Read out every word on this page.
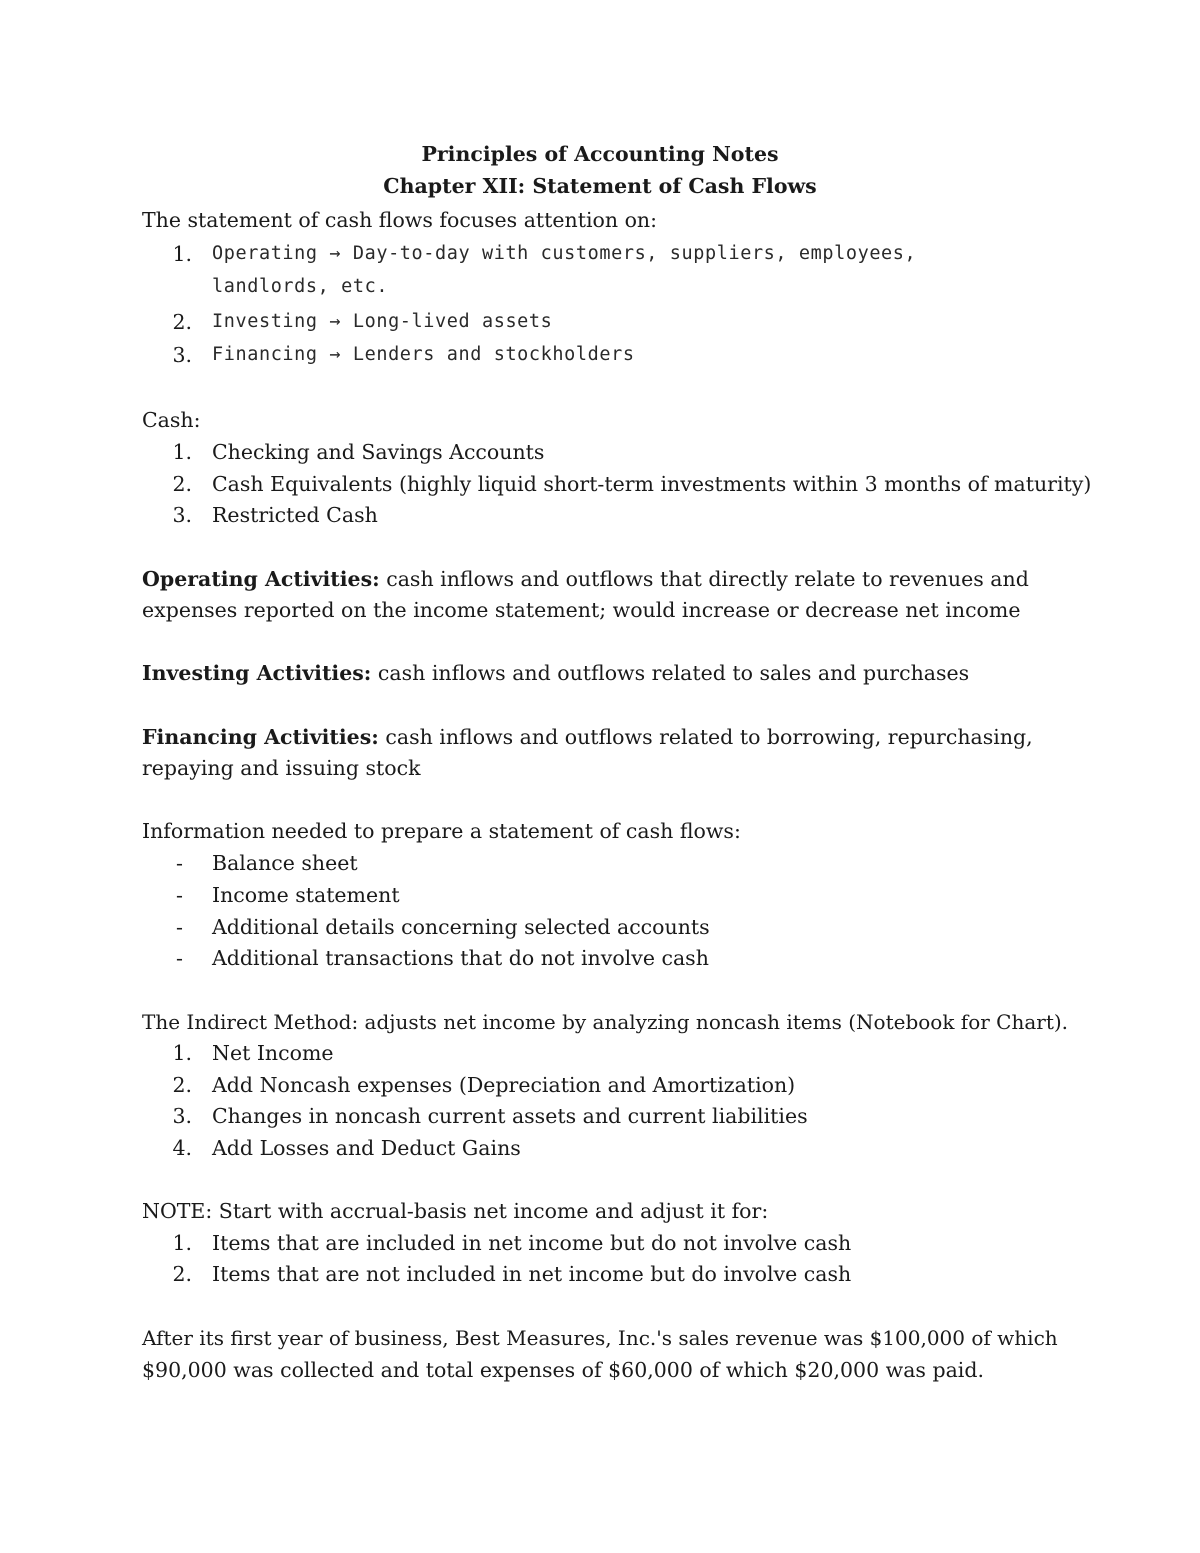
Principles of Accounting Notes
Chapter XII: Statement of Cash Flows
The statement of cash flows focuses attention on:
1. Operating → Day-to-day with customers, suppliers, employees,
landlords, etc.
2. Investing → Long-lived assets
3. Financing → Lenders and stockholders
Cash:
1. Checking and Savings Accounts
2. Cash Equivalents (highly liquid short-term investments within 3 months of maturity)
3. Restricted Cash
Operating Activities: cash inflows and outflows that directly relate to revenues and
expenses reported on the income statement; would increase or decrease net income
Investing Activities: cash inflows and outflows related to sales and purchases
Financing Activities: cash inflows and outflows related to borrowing, repurchasing,
repaying and issuing stock
Information needed to prepare a statement of cash flows:
- Balance sheet
- Income statement
- Additional details concerning selected accounts
- Additional transactions that do not involve cash
The Indirect Method: adjusts net income by analyzing noncash items (Notebook for Chart).
1. Net Income
2. Add Noncash expenses (Depreciation and Amortization)
3. Changes in noncash current assets and current liabilities
4. Add Losses and Deduct Gains
NOTE: Start with accrual-basis net income and adjust it for:
1. Items that are included in net income but do not involve cash
2. Items that are not included in net income but do involve cash
After its first year of business, Best Measures, Inc.'s sales revenue was $100,000 of which
$90,000 was collected and total expenses of $60,000 of which $20,000 was paid.
